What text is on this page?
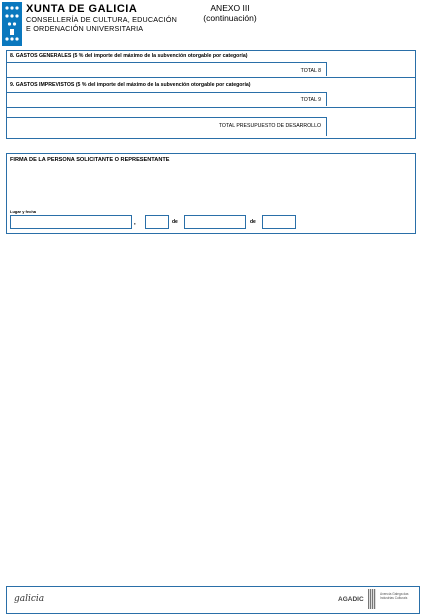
XUNTA DE GALICIA
CONSELLERÍA DE CULTURA, EDUCACIÓN
E ORDENACIÓN UNIVERSITARIA
ANEXO III
(continuación)
8. GASTOS GENERALES (5 % del importe del máximo de la subvención otorgable por categoría)
TOTAL 8
9. GASTOS IMPREVISTOS (5 % del importe del máximo de la subvención otorgable por categoría)
TOTAL 9
TOTAL PRESUPUESTO DE DESARROLLO
FIRMA DE LA PERSONA SOLICITANTE O REPRESENTANTE
Lugar y fecha
,	de	de
galicia	AGADIC
Axencia Galega das Industrias Culturais
